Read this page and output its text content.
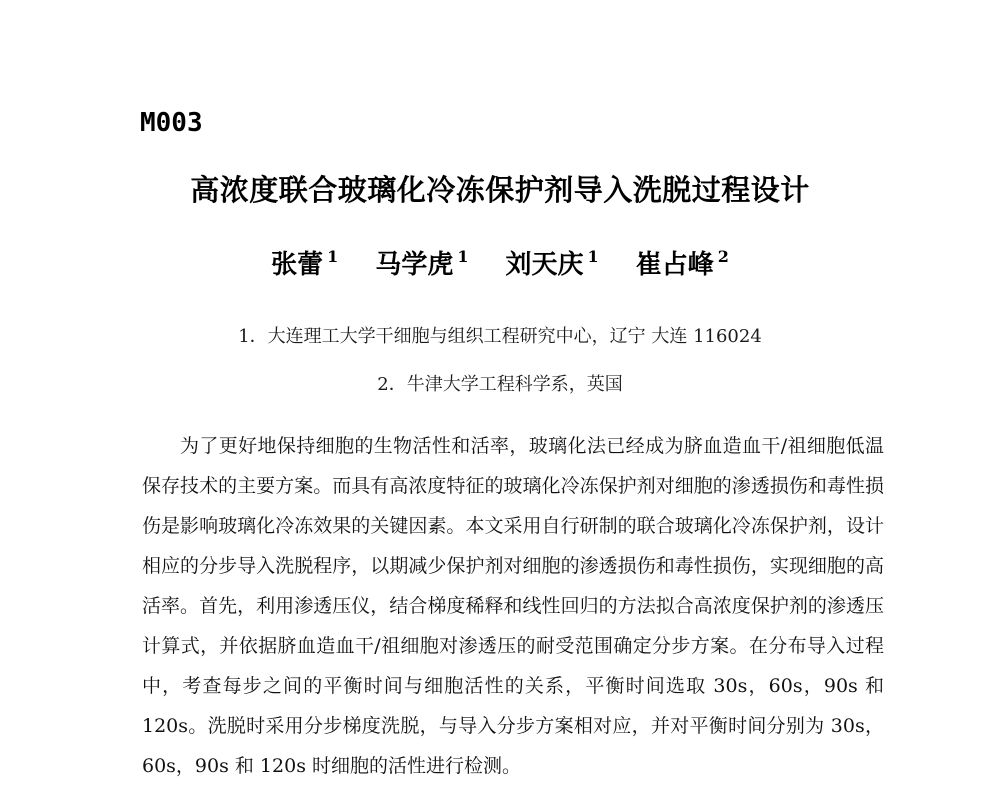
M003
高浓度联合玻璃化冷冻保护剂导入洗脱过程设计
张蕾 $^1$ 马学虎 $^1$ 刘天庆 $^1$ 崔占峰 $^2$
1．大连理工大学干细胞与组织工程研究中心，辽宁 大连 116024
2．牛津大学工程科学系，英国

为了更好地保持细胞的生物活性和活率，玻璃化法已经成为脐血造血干/祖细胞低温保存技术的主要方案。而具有高浓度特征的玻璃化冷冻保护剂对细胞的渗透损伤和毒性损伤是影响玻璃化冷冻效果的关键因素。本文采用自行研制的联合玻璃化冷冻保护剂，设计相应的分步导入洗脱程序，以期减少保护剂对细胞的渗透损伤和毒性损伤，实现细胞的高活率。首先，利用渗透压仪，结合梯度稀释和线性回归的方法拟合高浓度保护剂的渗透压计算式，并依据脐血造血干/祖细胞对渗透压的耐受范围确定分步方案。在分布导入过程中，考查每步之间的平衡时间与细胞活性的关系，平衡时间选取 30s，60s，90s 和 120s。洗脱时采用分步梯度洗脱，与导入分步方案相对应，并对平衡时间分别为 30s，60s，90s 和 120s 时细胞的活性进行检测。
